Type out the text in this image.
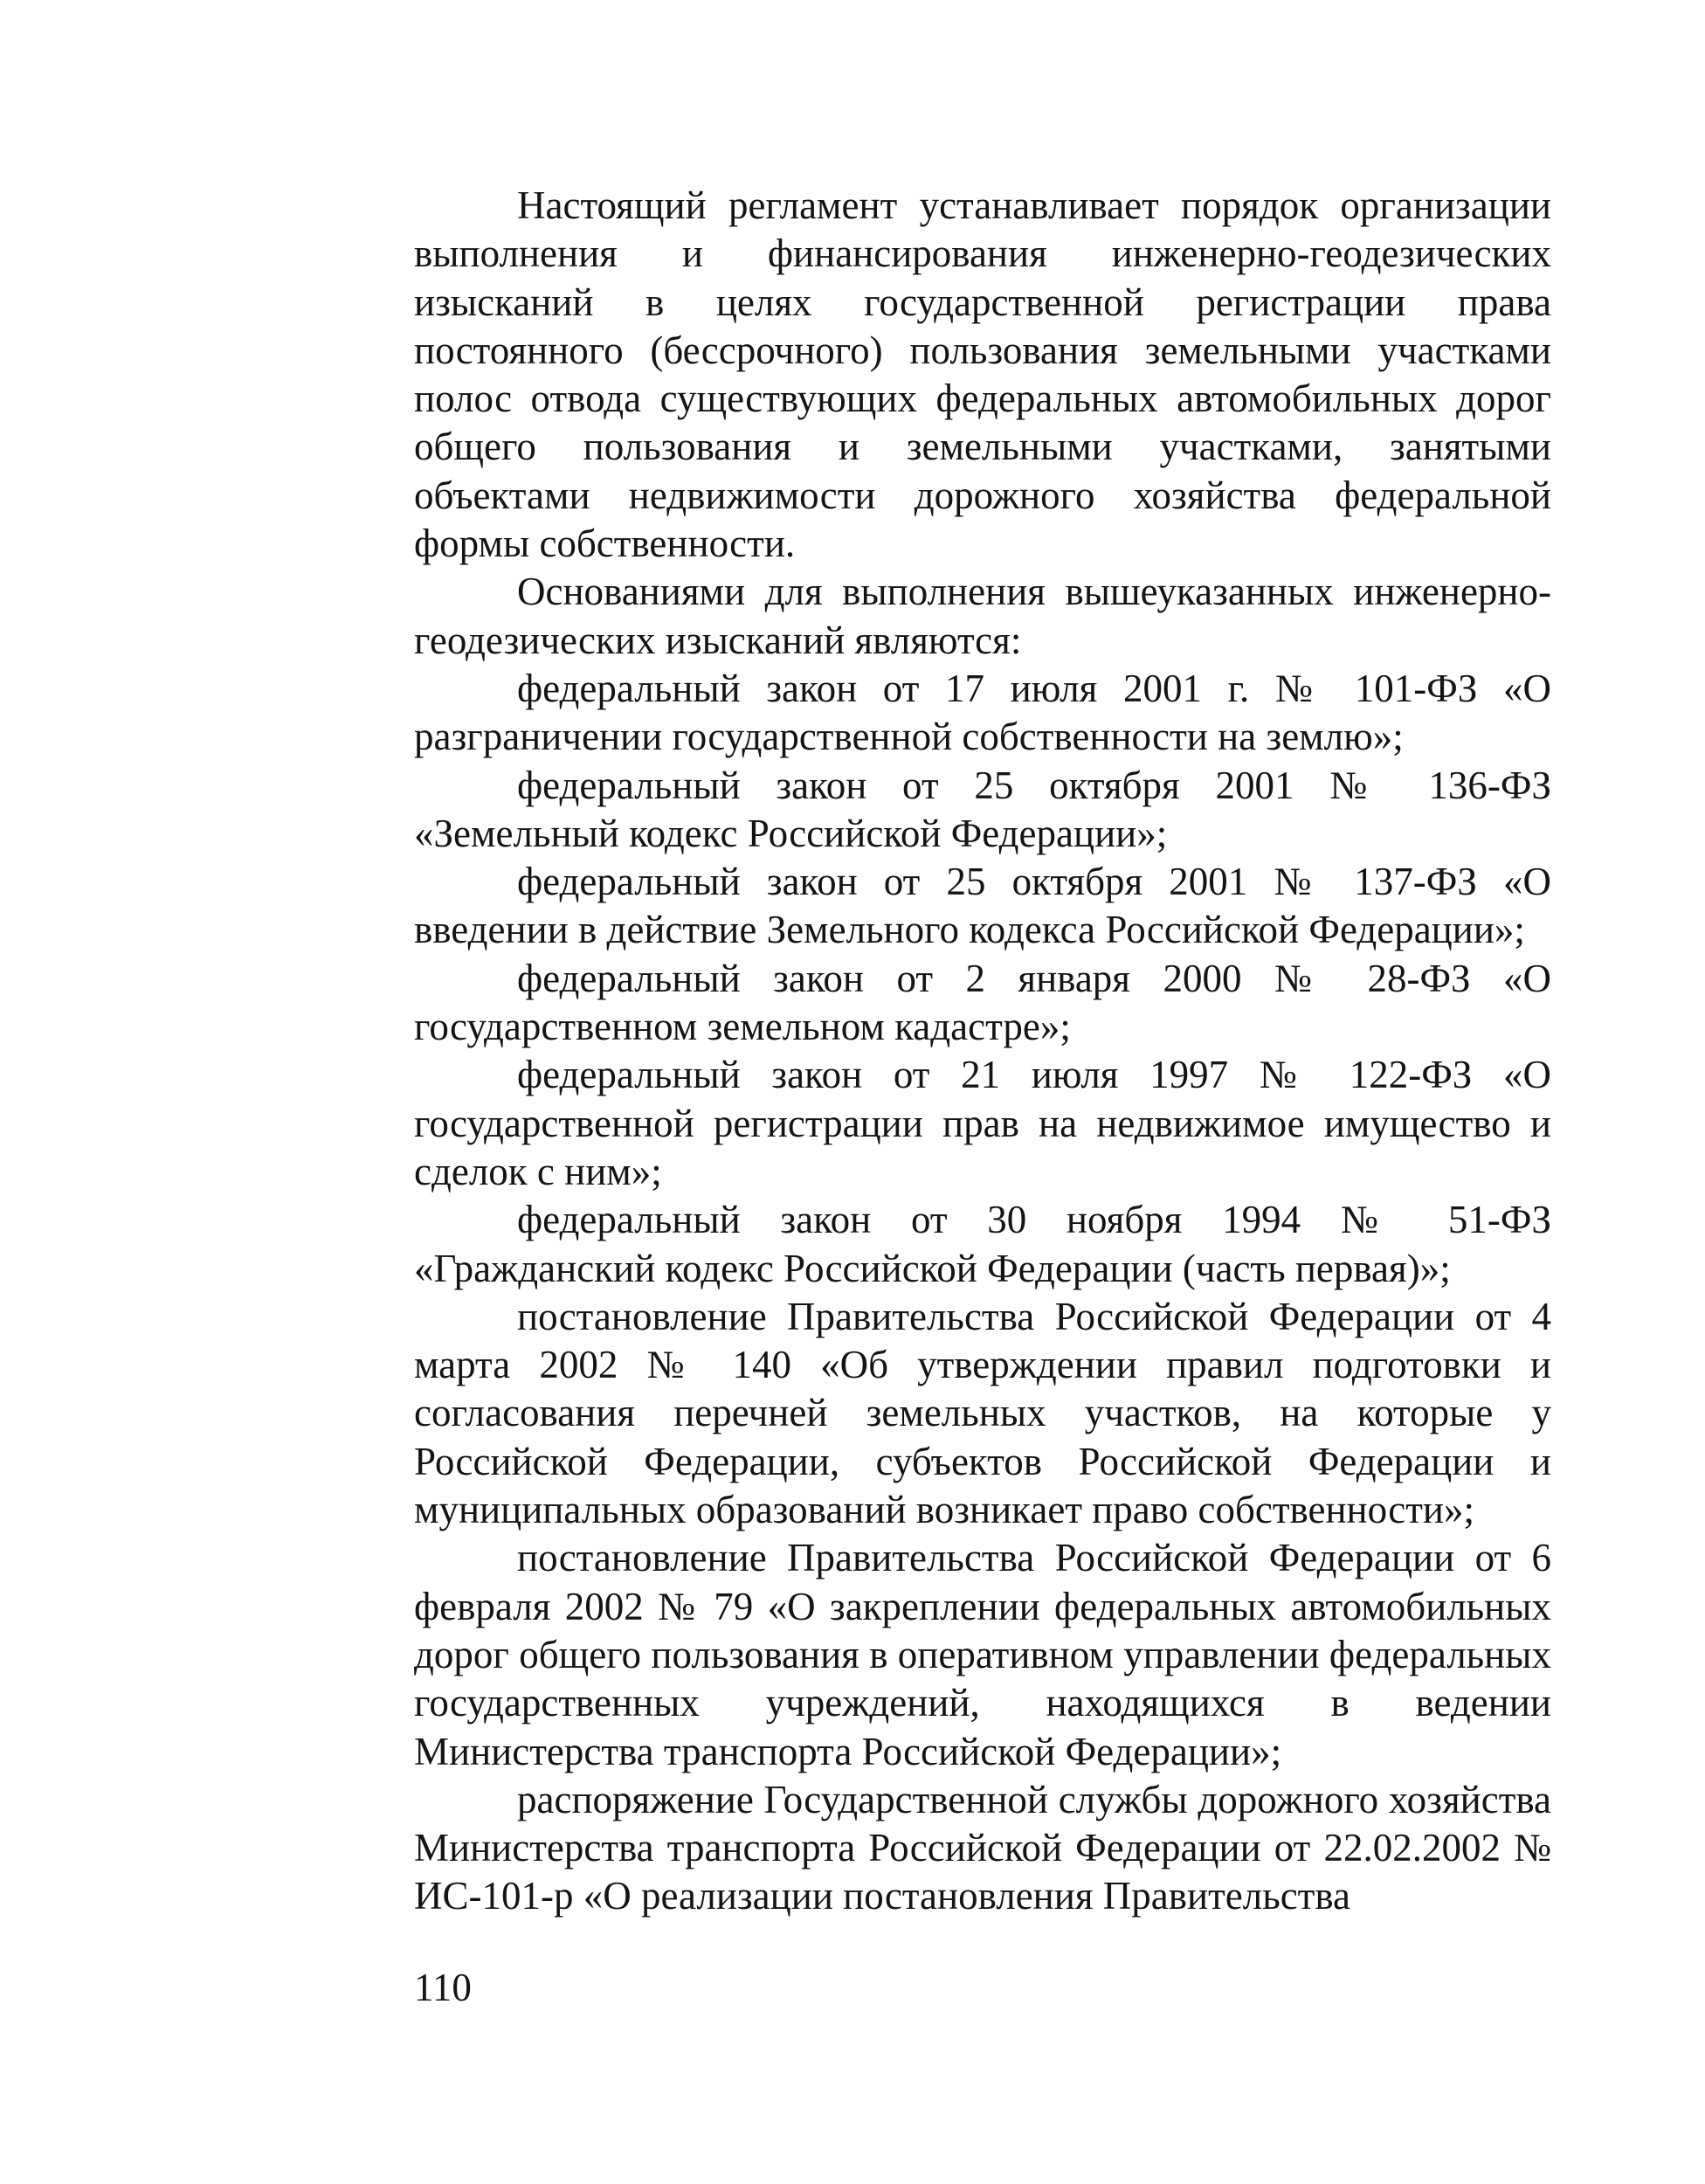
Настоящий регламент устанавливает порядок организации выполнения и финансирования инженерно-геодезических изысканий в целях государственной регистрации права постоянного (бессрочного) пользования земельными участками полос отвода существующих федеральных автомобильных дорог общего пользования и земельными участками, занятыми объектами недвижимости дорожного хозяйства федеральной формы собственности.

Основаниями для выполнения вышеуказанных инженерно-геодезических изысканий являются:

федеральный закон от 17 июля 2001 г. № 101-ФЗ «О разграничении государственной собственности на землю»;

федеральный закон от 25 октября 2001 № 136-ФЗ «Земельный кодекс Российской Федерации»;

федеральный закон от 25 октября 2001 № 137-ФЗ «О введении в действие Земельного кодекса Российской Федерации»;

федеральный закон от 2 января 2000 № 28-ФЗ «О государственном земельном кадастре»;

федеральный закон от 21 июля 1997 № 122-ФЗ «О государственной регистрации прав на недвижимое имущество и сделок с ним»;

федеральный закон от 30 ноября 1994 № 51-ФЗ «Гражданский кодекс Российской Федерации (часть первая)»;

постановление Правительства Российской Федерации от 4 марта 2002 № 140 «Об утверждении правил подготовки и согласования перечней земельных участков, на которые у Российской Федерации, субъектов Российской Федерации и муниципальных образований возникает право собственности»;

постановление Правительства Российской Федерации от 6 февраля 2002 № 79 «О закреплении федеральных автомобильных дорог общего пользования в оперативном управлении федеральных государственных учреждений, находящихся в ведении Министерства транспорта Российской Федерации»;

распоряжение Государственной службы дорожного хозяйства Министерства транспорта Российской Федерации от 22.02.2002 № ИС-101-р «О реализации постановления Правительства

110
